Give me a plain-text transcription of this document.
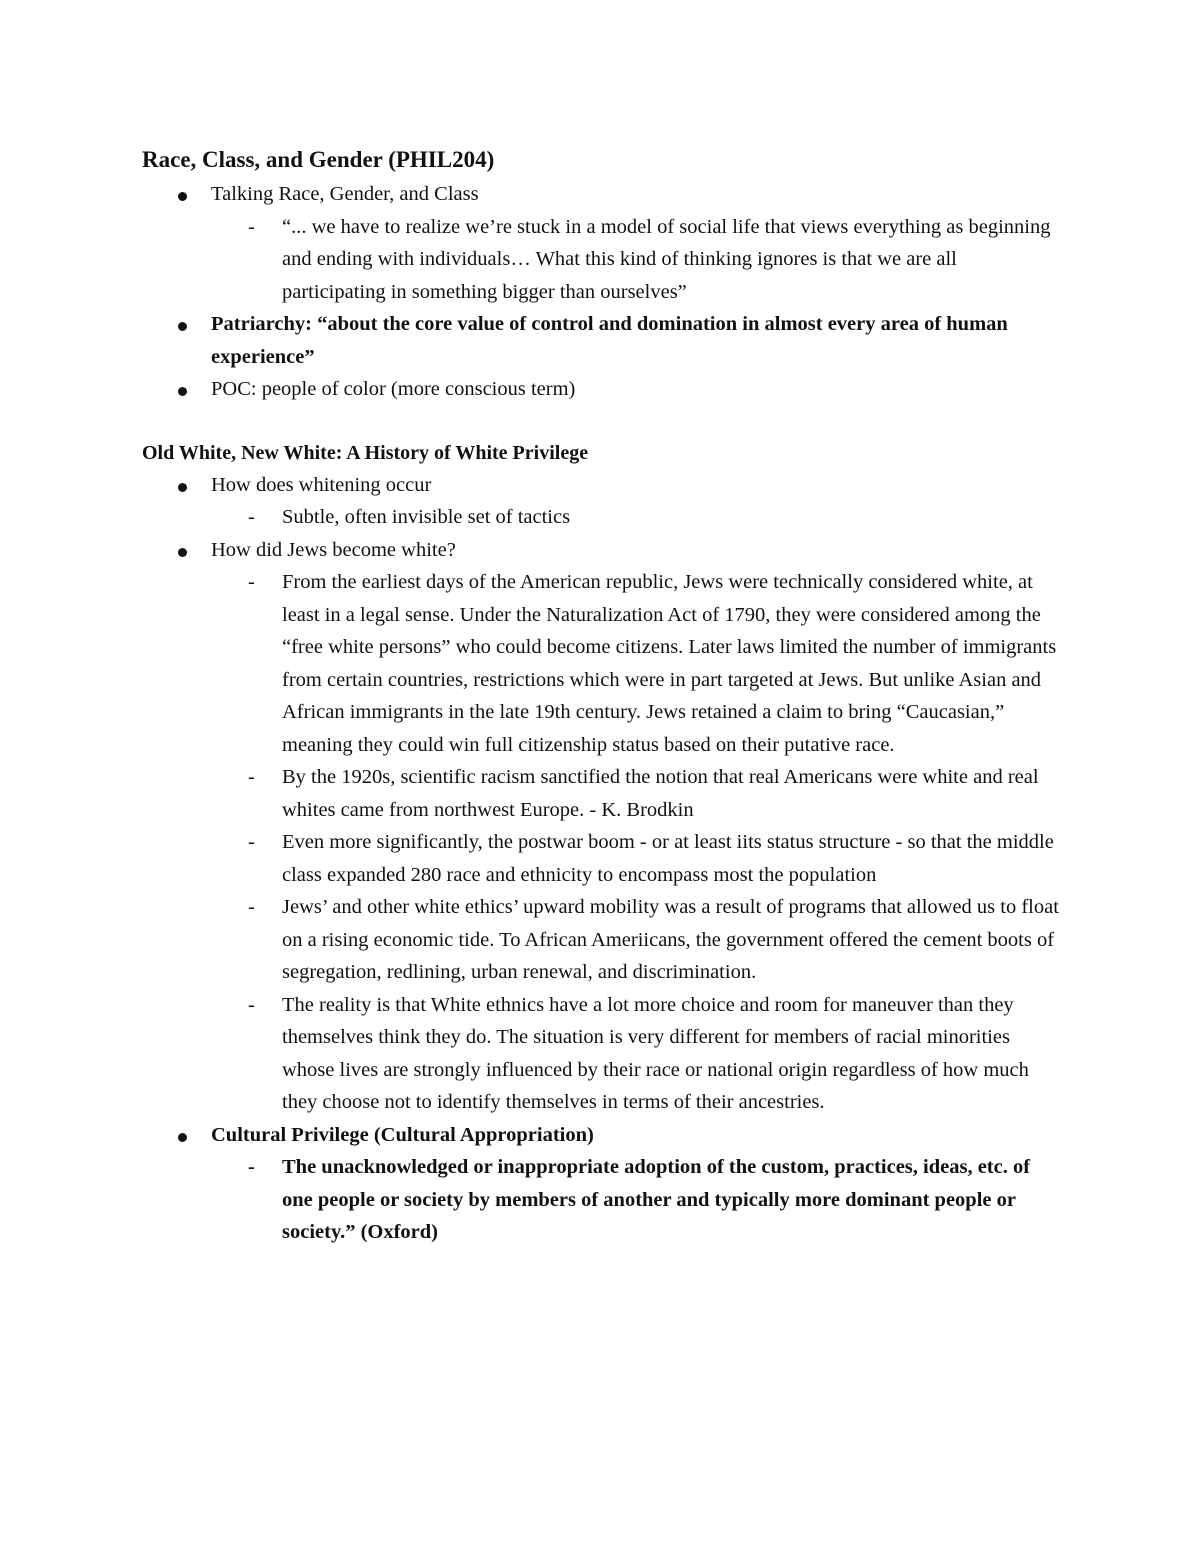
Race, Class, and Gender (PHIL204)
Talking Race, Gender, and Class
- “... we have to realize we’re stuck in a model of social life that views everything as beginning and ending with individuals… What this kind of thinking ignores is that we are all participating in something bigger than ourselves”
Patriarchy: “about the core value of control and domination in almost every area of human experience”
POC: people of color (more conscious term)
Old White, New White: A History of White Privilege
How does whitening occur
- Subtle, often invisible set of tactics
How did Jews become white?
- From the earliest days of the American republic, Jews were technically considered white, at least in a legal sense. Under the Naturalization Act of 1790, they were considered among the “free white persons” who could become citizens. Later laws limited the number of immigrants from certain countries, restrictions which were in part targeted at Jews. But unlike Asian and African immigrants in the late 19th century. Jews retained a claim to bring “Caucasian,” meaning they could win full citizenship status based on their putative race.
- By the 1920s, scientific racism sanctified the notion that real Americans were white and real whites came from northwest Europe. - K. Brodkin
- Even more significantly, the postwar boom - or at least iits status structure - so that the middle class expanded 280 race and ethnicity to encompass most the population
- Jews’ and other white ethics’ upward mobility was a result of programs that allowed us to float on a rising economic tide. To African Ameriicans, the government offered the cement boots of segregation, redlining, urban renewal, and discrimination.
- The reality is that White ethnics have a lot more choice and room for maneuver than they themselves think they do. The situation is very different for members of racial minorities whose lives are strongly influenced by their race or national origin regardless of how much they choose not to identify themselves in terms of their ancestries.
Cultural Privilege (Cultural Appropriation)
- The unacknowledged or inappropriate adoption of the custom, practices, ideas, etc. of one people or society by members of another and typically more dominant people or society.” (Oxford)
